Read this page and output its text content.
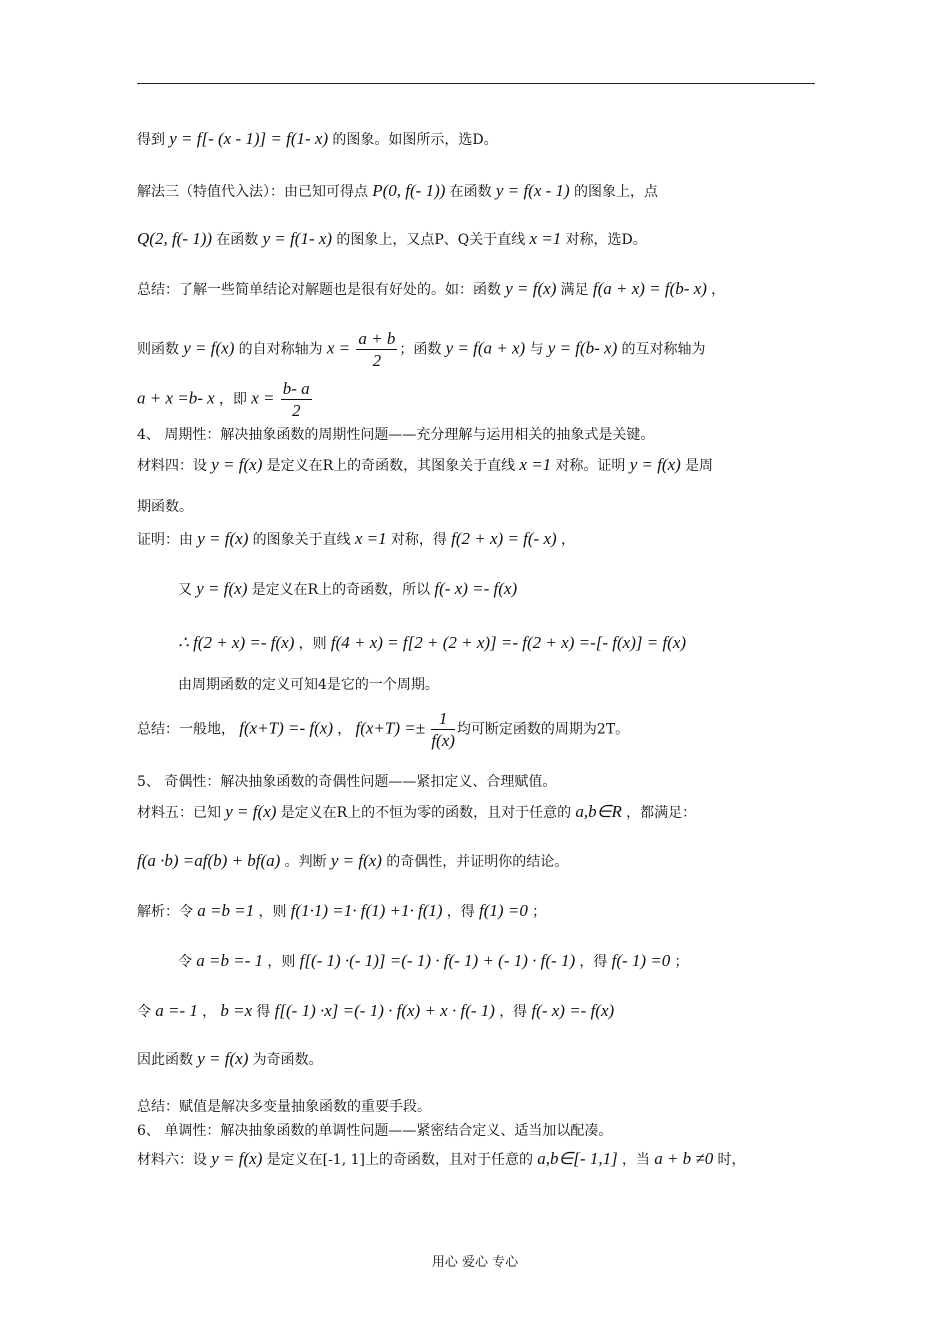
得到 y = f[- (x - 1)] = f(1- x) 的图象。如图所示，选D。
解法三（特值代入法）：由已知可得点 P(0, f(- 1)) 在函数 y = f(x - 1) 的图象上，点
Q(2, f(- 1)) 在函数 y = f(1- x) 的图象上，又点P、Q关于直线 x =1 对称，选D。
总结：了解一些简单结论对解题也是很有好处的。如：函数 y = f(x) 满足 f(a + x) = f(b- x) ，
则函数 y = f(x) 的自对称轴为 $x = \frac{a + b}{2}$ ；函数 y = f(a + x) 与 y = f(b- x) 的互对称轴为
a + x =b- x ，即 $x = \frac{b- a}{2}$
4、 周期性：解决抽象函数的周期性问题——充分理解与运用相关的抽象式是关键。
材料四：设 y = f(x) 是定义在R上的奇函数，其图象关于直线 x =1 对称。证明 y = f(x) 是周
期函数。
证明：由 y = f(x) 的图象关于直线 x =1 对称，得 f(2 + x) = f(- x) ，
又 y = f(x) 是定义在R上的奇函数，所以 f(- x) =- f(x)
∴ f(2 + x) =- f(x) ，则 f(4 + x) = f[2 + (2 + x)] =- f(2 + x) =-[- f(x)] = f(x)
由周期函数的定义可知4是它的一个周期。
总结：一般地， f(x+T) =- f(x) ， $f(x+T) =\pm \frac{1}{f(x)}$ 均可断定函数的周期为2T。
5、 奇偶性：解决抽象函数的奇偶性问题——紧扣定义、合理赋值。
材料五：已知 y = f(x) 是定义在R上的不恒为零的函数，且对于任意的 a,b∈R ，都满足：
f(a ·b) =af(b) + bf(a) 。判断 y = f(x) 的奇偶性，并证明你的结论。
解析：令 a =b =1 ，则 f(1·1) =1· f(1) +1· f(1) ，得 f(1) =0 ；
令 a =b =- 1 ，则 f[(- 1) ·(- 1)] =(- 1) · f(- 1) + (- 1) · f(- 1) ，得 f(- 1) =0 ；
令 a =- 1 ， b =x 得 f[(- 1) ·x] =(- 1) · f(x) + x · f(- 1) ，得 f(- x) =- f(x)
因此函数 y = f(x) 为奇函数。
总结：赋值是解决多变量抽象函数的重要手段。
6、 单调性：解决抽象函数的单调性问题——紧密结合定义、适当加以配凑。
材料六：设 y = f(x) 是定义在[-1, 1]上的奇函数，且对于任意的 a,b∈[- 1,1] ，当 a + b ≠0 时，
用心 爱心 专心
